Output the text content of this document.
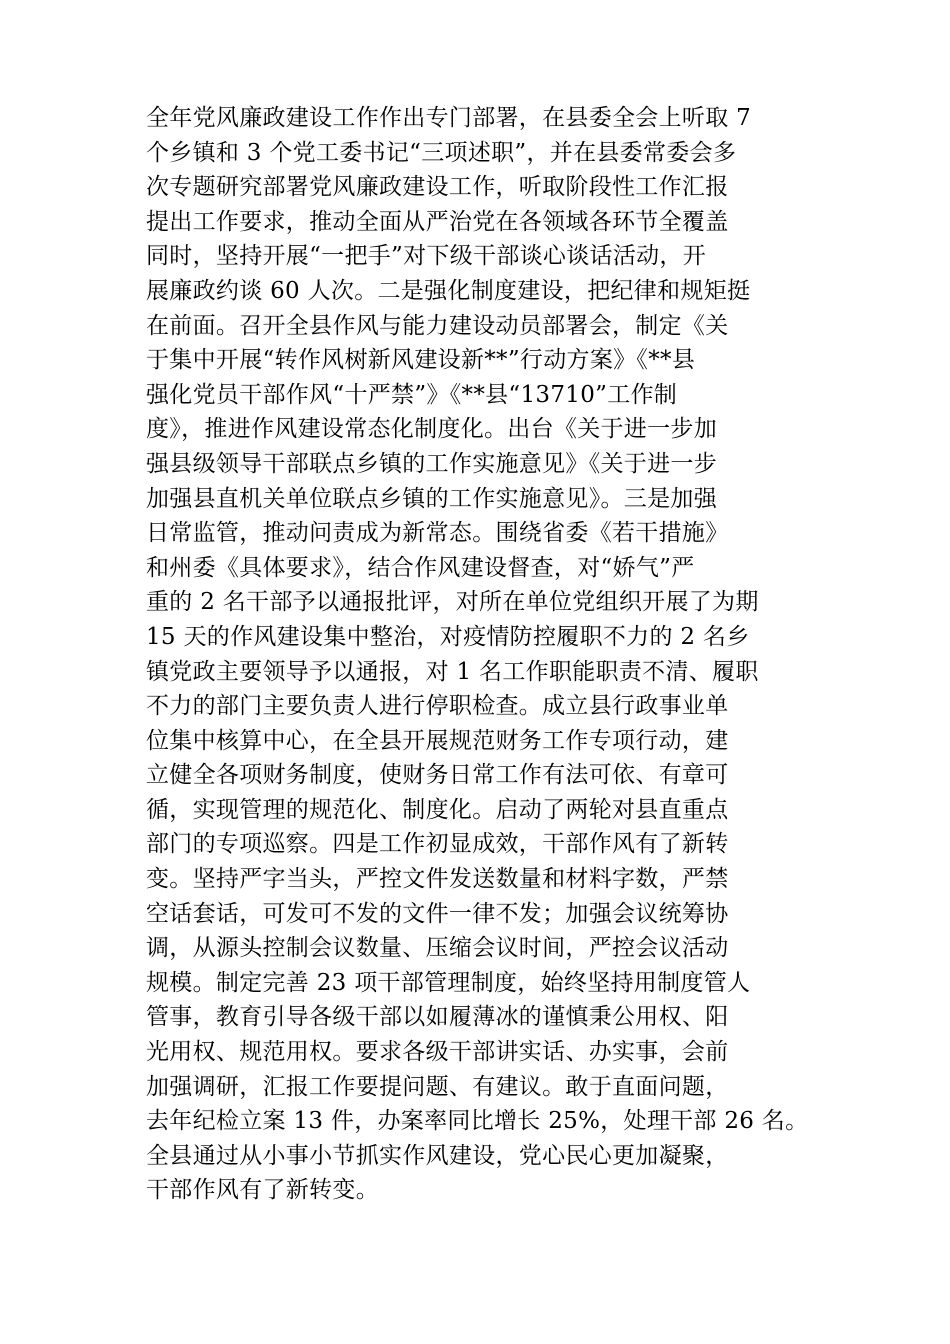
全年党风廉政建设工作作出专门部署，在县委全会上听取 7
个乡镇和 3 个党工委书记“三项述职”，并在县委常委会多
次专题研究部署党风廉政建设工作，听取阶段性工作汇报
提出工作要求，推动全面从严治党在各领域各环节全覆盖
同时，坚持开展“一把手”对下级干部谈心谈话活动，开
展廉政约谈 60 人次。二是强化制度建设，把纪律和规矩挺
在前面。召开全县作风与能力建设动员部署会，制定《关
于集中开展“转作风树新风建设新**”行动方案》《**县
强化党员干部作风“十严禁”》《**县“13710”工作制
度》，推进作风建设常态化制度化。出台《关于进一步加
强县级领导干部联点乡镇的工作实施意见》《关于进一步
加强县直机关单位联点乡镇的工作实施意见》。三是加强
日常监管，推动问责成为新常态。围绕省委《若干措施》
和州委《具体要求》，结合作风建设督查，对“娇气”严
重的 2 名干部予以通报批评，对所在单位党组织开展了为期
15 天的作风建设集中整治，对疫情防控履职不力的 2 名乡
镇党政主要领导予以通报，对 1 名工作职能职责不清、履职
不力的部门主要负责人进行停职检查。成立县行政事业单
位集中核算中心，在全县开展规范财务工作专项行动，建
立健全各项财务制度，使财务日常工作有法可依、有章可
循，实现管理的规范化、制度化。启动了两轮对县直重点
部门的专项巡察。四是工作初显成效，干部作风有了新转
变。坚持严字当头，严控文件发送数量和材料字数，严禁
空话套话，可发可不发的文件一律不发；加强会议统筹协
调，从源头控制会议数量、压缩会议时间，严控会议活动
规模。制定完善 23 项干部管理制度，始终坚持用制度管人
管事，教育引导各级干部以如履薄冰的谨慎秉公用权、阳
光用权、规范用权。要求各级干部讲实话、办实事，会前
加强调研，汇报工作要提问题、有建议。敢于直面问题，
去年纪检立案 13 件，办案率同比增长 25%，处理干部 26 名。
全县通过从小事小节抓实作风建设，党心民心更加凝聚，
干部作风有了新转变。
